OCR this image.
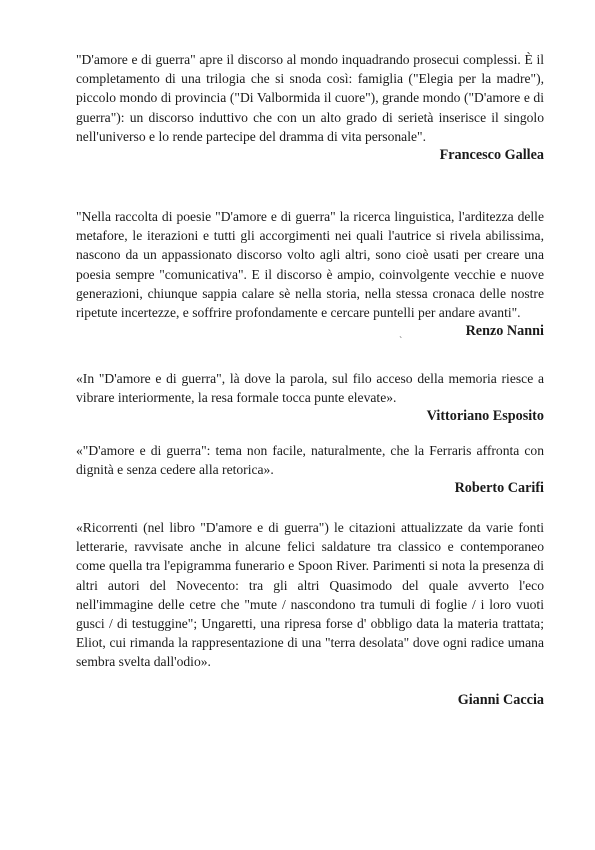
"D'amore e di guerra" apre il discorso al mondo inquadrando prosecui complessi. È il completamento di una trilogia che si snoda così: famiglia ("Elegia per la madre"), piccolo mondo di provincia ("Di Valbormida il cuore"), grande mondo ("D'amore e di guerra"): un discorso induttivo che con un alto grado di serietà inserisce il singolo nell'universo e lo rende partecipe del dramma di vita personale".

Francesco Gallea

"Nella raccolta di poesie "D'amore e di guerra" la ricerca linguistica, l'arditezza delle metafore, le iterazioni e tutti gli accorgimenti nei quali l'autrice si rivela abilissima, nascono da un appassionato discorso volto agli altri, sono cioè usati per creare una poesia sempre "comunicativa". E il discorso è ampio, coinvolgente vecchie e nuove generazioni, chiunque sappia calare sè nella storia, nella stessa cronaca delle nostre ripetute incertezze, e soffrire profondamente e cercare puntelli per andare avanti".

Renzo Nanni

`

«In "D'amore e di guerra", là dove la parola, sul filo acceso della memoria riesce a vibrare interiormente, la resa formale tocca punte elevate».

Vittoriano Esposito

«"D'amore e di guerra": tema non facile, naturalmente, che la Ferraris affronta con dignità e senza cedere alla retorica».

Roberto Carifi

«Ricorrenti (nel libro "D'amore e di guerra") le citazioni attualizzate da varie fonti letterarie, ravvisate anche in alcune felici saldature tra classico e contemporaneo come quella tra l'epigramma funerario e Spoon River. Parimenti si nota la presenza di altri autori del Novecento: tra gli altri Quasimodo del quale avverto l'eco nell'immagine delle cetre che "mute / nascondono tra tumuli di foglie / i loro vuoti gusci / di testuggine"; Ungaretti, una ripresa forse d' obbligo data la materia trattata; Eliot, cui rimanda la rappresentazione di una "terra desolata" dove ogni radice umana sembra svelta dall'odio».

Gianni Caccia
